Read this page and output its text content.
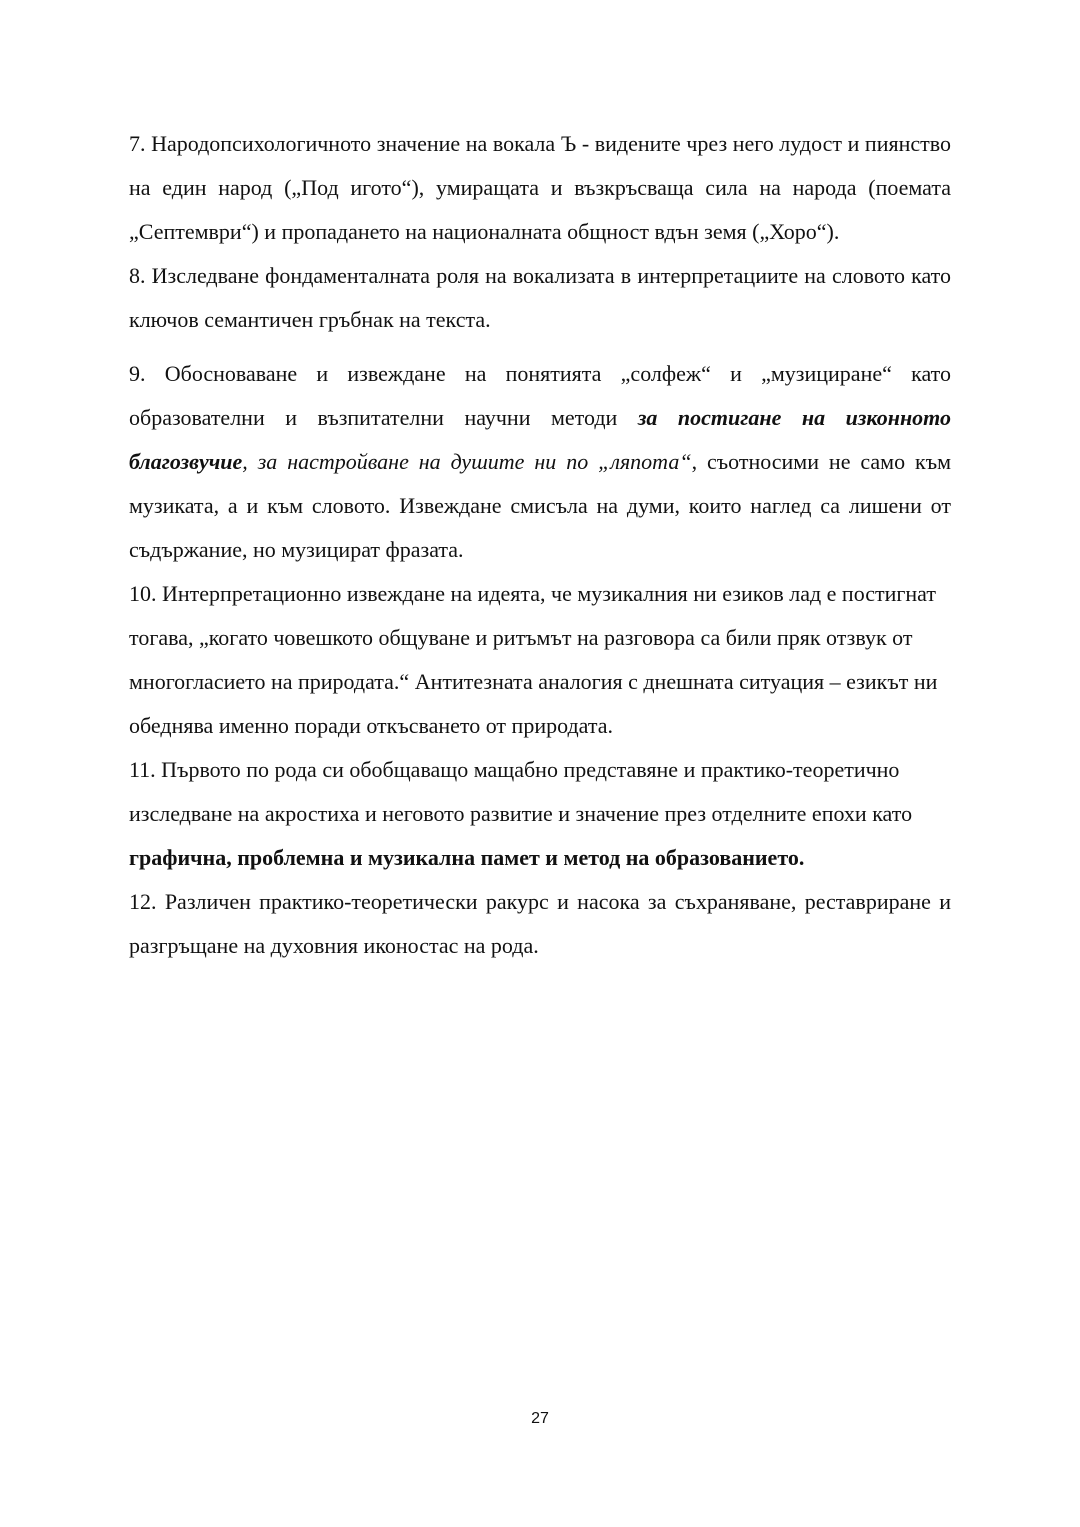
7. Народопсихологичното значение на вокала Ъ - видените чрез него лудост и пиянство на един народ („Под игото“), умиращата и възкръсваща сила на народа (поемата „Септември“) и пропадането на националната общност вдън земя („Хоро“).

8. Изследване фондаменталната роля на вокализата в интерпретациите на словото като ключов семантичен гръбнак на текста.

9. Обосноваване и извеждане на понятията „солфеж“ и „музициране“ като образователни и възпитателни научни методи за постигане на изконното благозвучие, за настройване на душите ни по „ляпота“, съотносими не само към музиката, а и към словото. Извеждане смисъла на думи, които наглед са лишени от съдържание, но музицират фразата.

10. Интерпретационно извеждане на идеята, че музикалния ни езиков лад е постигнат тогава, „когато човешкото общуване и ритъмът на разговора са били пряк отзвук от многогласието на природата.“ Антитезната аналогия с днешната ситуация – езикът ни обеднява именно поради откъсването от природата.

11. Първото по рода си обобщаващо мащабно представяне и практико-теоретично изследване на акростиха и неговото развитие и значение през отделните епохи като графична, проблемна и музикална памет и метод на образованието.

12. Различен практико-теоретически ракурс и насока за съхраняване, реставриране и разгръщане на духовния иконостас на рода.

27
